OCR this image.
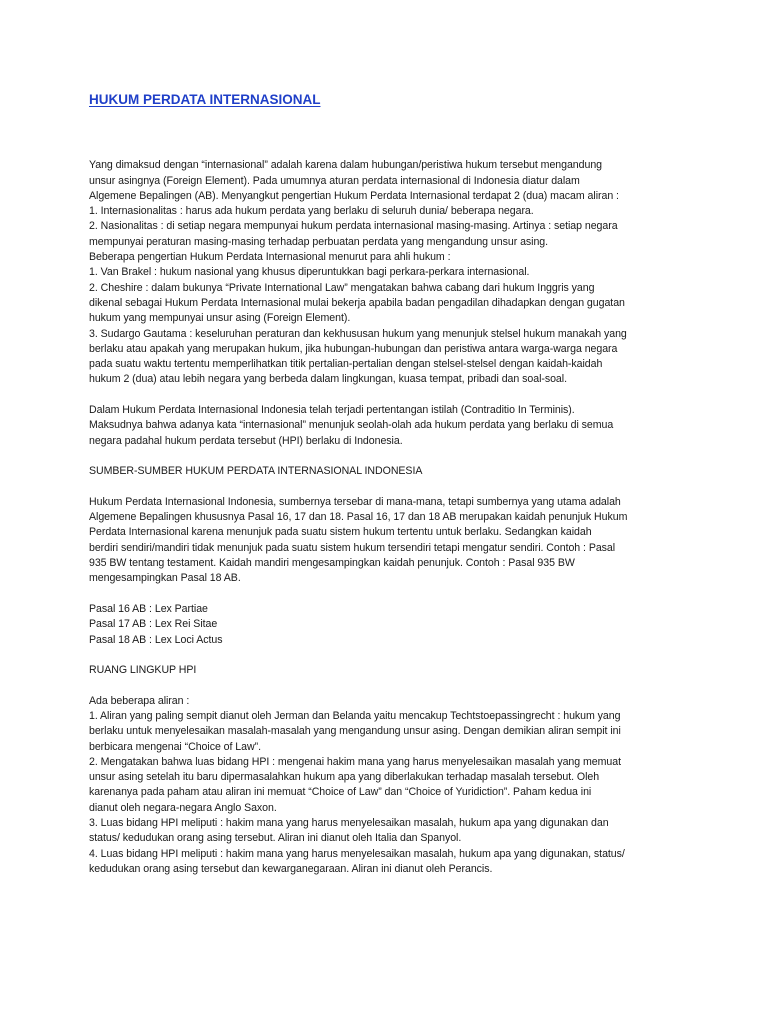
HUKUM PERDATA INTERNASIONAL
Yang dimaksud dengan “internasional” adalah karena dalam hubungan/peristiwa hukum tersebut mengandung
unsur asingnya (Foreign Element). Pada umumnya aturan perdata internasional di Indonesia diatur dalam
Algemene Bepalingen (AB). Menyangkut pengertian Hukum Perdata Internasional terdapat 2 (dua) macam aliran :
1. Internasionalitas : harus ada hukum perdata yang berlaku di seluruh dunia/ beberapa negara.
2. Nasionalitas : di setiap negara mempunyai hukum perdata internasional masing-masing. Artinya : setiap negara
mempunyai peraturan masing-masing terhadap perbuatan perdata yang mengandung unsur asing.
Beberapa pengertian Hukum Perdata Internasional menurut para ahli hukum :
1. Van Brakel : hukum nasional yang khusus diperuntukkan bagi perkara-perkara internasional.
2. Cheshire : dalam bukunya “Private International Law” mengatakan bahwa cabang dari hukum Inggris yang
dikenal sebagai Hukum Perdata Internasional mulai bekerja apabila badan pengadilan dihadapkan dengan gugatan
hukum yang mempunyai unsur asing (Foreign Element).
3. Sudargo Gautama : keseluruhan peraturan dan kekhususan hukum yang menunjuk stelsel hukum manakah yang
berlaku atau apakah yang merupakan hukum, jika hubungan-hubungan dan peristiwa antara warga-warga negara
pada suatu waktu tertentu memperlihatkan titik pertalian-pertalian dengan stelsel-stelsel dengan kaidah-kaidah
hukum 2 (dua) atau lebih negara yang berbeda dalam lingkungan, kuasa tempat, pribadi dan soal-soal.
Dalam Hukum Perdata Internasional Indonesia telah terjadi pertentangan istilah (Contraditio In Terminis).
Maksudnya bahwa adanya kata “internasional” menunjuk seolah-olah ada hukum perdata yang berlaku di semua
negara padahal hukum perdata tersebut (HPI) berlaku di Indonesia.
SUMBER-SUMBER HUKUM PERDATA INTERNASIONAL INDONESIA
Hukum Perdata Internasional Indonesia, sumbernya tersebar di mana-mana, tetapi sumbernya yang utama adalah
Algemene Bepalingen khususnya Pasal 16, 17 dan 18. Pasal 16, 17 dan 18 AB merupakan kaidah penunjuk Hukum
Perdata Internasional karena menunjuk pada suatu sistem hukum tertentu untuk berlaku. Sedangkan kaidah
berdiri sendiri/mandiri tidak menunjuk pada suatu sistem hukum tersendiri tetapi mengatur sendiri. Contoh : Pasal
935 BW tentang testament. Kaidah mandiri mengesampingkan kaidah penunjuk. Contoh : Pasal 935 BW
mengesampingkan Pasal 18 AB.
Pasal 16 AB : Lex Partiae
Pasal 17 AB : Lex Rei Sitae
Pasal 18 AB : Lex Loci Actus
RUANG LINGKUP HPI
Ada beberapa aliran :
1. Aliran yang paling sempit dianut oleh Jerman dan Belanda yaitu mencakup Techtstoepassingrecht : hukum yang
berlaku untuk menyelesaikan masalah-masalah yang mengandung unsur asing. Dengan demikian aliran sempit ini
berbicara mengenai “Choice of Law”.
2. Mengatakan bahwa luas bidang HPI : mengenai hakim mana yang harus menyelesaikan masalah yang memuat
unsur asing setelah itu baru dipermasalahkan hukum apa yang diberlakukan terhadap masalah tersebut. Oleh
karenanya pada paham atau aliran ini memuat “Choice of Law” dan “Choice of Yuridiction”. Paham kedua ini
dianut oleh negara-negara Anglo Saxon.
3. Luas bidang HPI meliputi : hakim mana yang harus menyelesaikan masalah, hukum apa yang digunakan dan
status/ kedudukan orang asing tersebut. Aliran ini dianut oleh Italia dan Spanyol.
4. Luas bidang HPI meliputi : hakim mana yang harus menyelesaikan masalah, hukum apa yang digunakan, status/
kedudukan orang asing tersebut dan kewarganegaraan. Aliran ini dianut oleh Perancis.
